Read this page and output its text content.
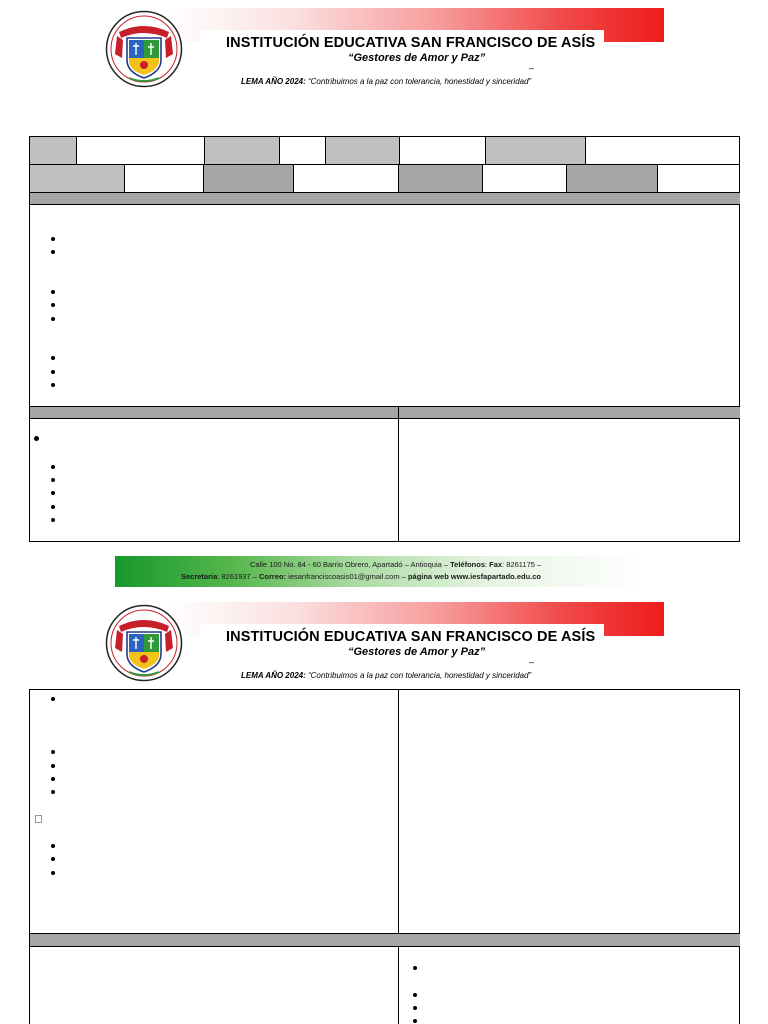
INSTITUCIÓN EDUCATIVA SAN FRANCISCO DE ASÍS
“Gestores de Amor y Paz”
–
LEMA AÑO 2024: “Contribuimos a la paz con tolerancia, honestidad y sinceridad”
Calle 100 No. 84 - 60 Barrio Obrero, Apartadó – Antioquia – Teléfonos: Fax: 8261175 –
Secretaria: 8261937 – Correo: iesanfranciscoasis01@gmail.com – página web www.iesfapartado.edu.co
INSTITUCIÓN EDUCATIVA SAN FRANCISCO DE ASÍS
“Gestores de Amor y Paz”
–
LEMA AÑO 2024: “Contribuimos a la paz con tolerancia, honestidad y sinceridad”
